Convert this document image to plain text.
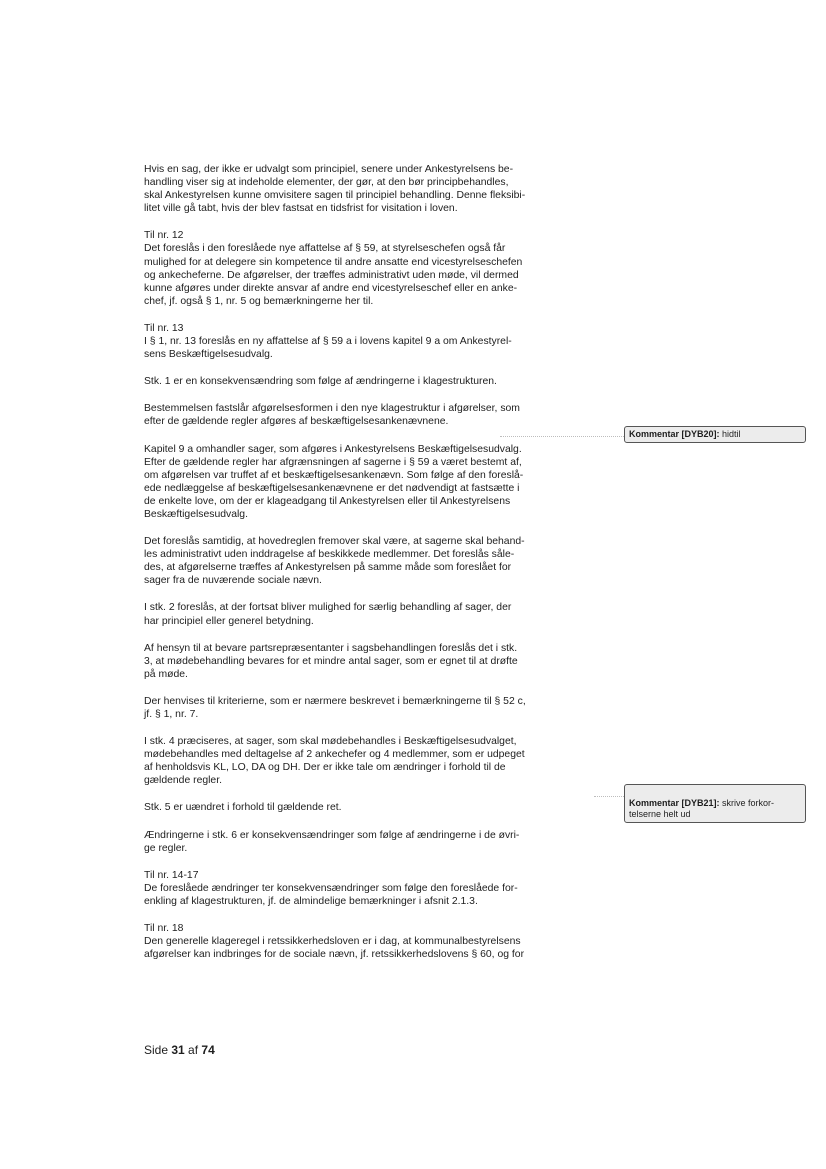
Hvis en sag, der ikke er udvalgt som principiel, senere under Ankestyrelsens be-
handling viser sig at indeholde elementer, der gør, at den bør principbehandles,
skal Ankestyrelsen kunne omvisitere sagen til principiel behandling. Denne fleksibi-
litet ville gå tabt, hvis der blev fastsat en tidsfrist for visitation i loven.

Til nr. 12
Det foreslås i den foreslåede nye affattelse af § 59, at styrelseschefen også får
mulighed for at delegere sin kompetence til andre ansatte end vicestyrelseschefen
og ankecheferne. De afgørelser, der træffes administrativt uden møde, vil dermed
kunne afgøres under direkte ansvar af andre end vicestyrelseschef eller en anke-
chef, jf. også § 1, nr. 5 og bemærkningerne her til.

Til nr. 13
I § 1, nr. 13 foreslås en ny affattelse af § 59 a i lovens kapitel 9 a om Ankestyrel-
sens Beskæftigelsesudvalg.

Stk. 1 er en konsekvensændring som følge af ændringerne i klagestrukturen.

Bestemmelsen fastslår afgørelsesformen i den nye klagestruktur i afgørelser, som
efter de gældende regler afgøres af beskæftigelsesankenævnene.

Kapitel 9 a omhandler sager, som afgøres i Ankestyrelsens Beskæftigelsesudvalg.
Efter de gældende regler har afgrænsningen af sagerne i § 59 a været bestemt af,
om afgørelsen var truffet af et beskæftigelsesankenævn. Som følge af den foreslå-
ede nedlæggelse af beskæftigelsesankenævnene er det nødvendigt at fastsætte i
de enkelte love, om der er klageadgang til Ankestyrelsen eller til Ankestyrelsens
Beskæftigelsesudvalg.

Det foreslås samtidig, at hovedreglen fremover skal være, at sagerne skal behand-
les administrativt uden inddragelse af beskikkede medlemmer. Det foreslås såle-
des, at afgørelserne træffes af Ankestyrelsen på samme måde som foreslået for
sager fra de nuværende sociale nævn.

I stk. 2 foreslås, at der fortsat bliver mulighed for særlig behandling af sager, der
har principiel eller generel betydning.

Af hensyn til at bevare partsrepræsentanter i sagsbehandlingen foreslås det i stk.
3, at mødebehandling bevares for et mindre antal sager, som er egnet til at drøfte
på møde.

Der henvises til kriterierne, som er nærmere beskrevet i bemærkningerne til § 52 c,
jf. § 1, nr. 7.

I stk. 4 præciseres, at sager, som skal mødebehandles i Beskæftigelsesudvalget,
mødebehandles med deltagelse af 2 ankechefer og 4 medlemmer, som er udpeget
af henholdsvis KL, LO, DA og DH. Der er ikke tale om ændringer i forhold til de
gældende regler.

Stk. 5 er uændret i forhold til gældende ret.

Ændringerne i stk. 6 er konsekvensændringer som følge af ændringerne i de øvri-
ge regler.

Til nr. 14-17
De foreslåede ændringer ter konsekvensændringer som følge den foreslåede for-
enkling af klagestrukturen, jf. de almindelige bemærkninger i afsnit 2.1.3.

Til nr. 18
Den generelle klageregel i retssikkerhedsloven er i dag, at kommunalbestyrelsens
afgørelser kan indbringes for de sociale nævn, jf. retssikkerhedslovens § 60, og for

Kommentar [DYB20]: hidtil

Kommentar [DYB21]: skrive forkor-
telserne helt ud

Side 31 af 74
